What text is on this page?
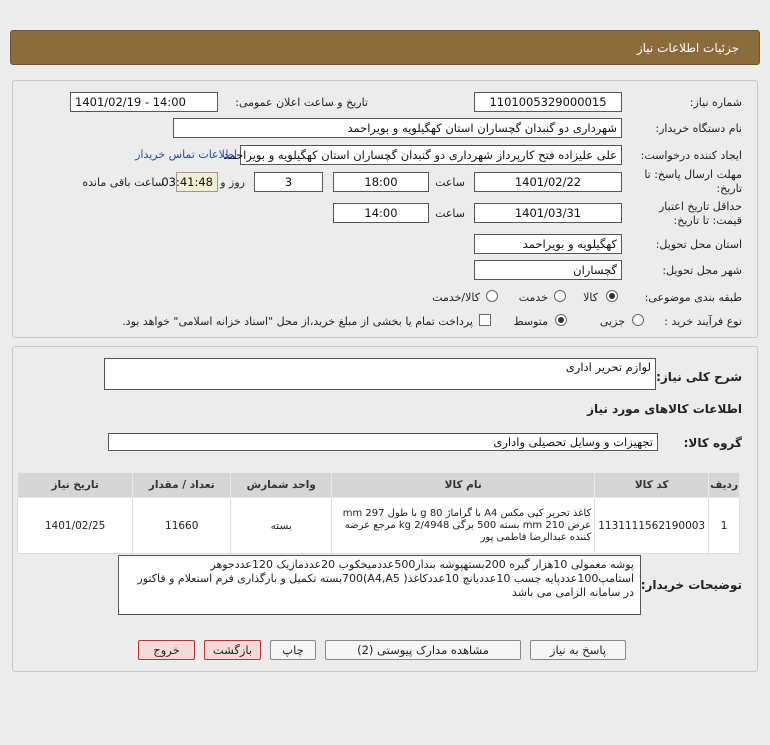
جزئیات اطلاعات نیاز
شماره نیاز:
1101005329000015
تاریخ و ساعت اعلان عمومی:
1401/02/19 - 14:00
نام دستگاه خریدار:
شهرداری دو گنبدان گچساران استان کهگیلویه و بویراحمد
ایجاد کننده درخواست:
علی علیزاده فتح کارپرداز شهرداری دو گنبدان گچساران استان کهگیلویه و بویراحمد
اطلاعات تماس خریدار
مهلت ارسال پاسخ: تا
تاریخ:
1401/02/22
ساعت
18:00
3
روز و
03:41:48
ساعت باقی مانده
حداقل تاریخ اعتبار
قیمت: تا تاریخ:
1401/03/31
ساعت
14:00
استان محل تحویل:
کهگیلویه و بویراحمد
شهر محل تحویل:
گچساران
طبقه بندی موضوعی:
کالا
خدمت
کالا/خدمت
نوع فرآیند خرید :
جزیی
متوسط
پرداخت تمام یا بخشی از مبلغ خرید،از محل "اسناد خزانه اسلامی" خواهد بود.
شرح کلی نیاز:
لوازم تحریر اداری
اطلاعات کالاهای مورد نیاز
گروه کالا:
تجهیزات و وسایل تحصیلی واداری
ردیف	کد کالا	نام کالا	واحد شمارش	تعداد / مقدار	تاریخ نیاز
1	1131111562190003	کاغذ تحریر کپی مکس A4 با گراماژ 80 g با طول 297 mm عرض 210 mm بسته 500 برگی 2/4948 kg مرجع عرضه کننده عبدالرضا فاطمی پور	بسته	11660	1401/02/25
توضیحات خریدار:
پوشه معمولی 10هزار گیره 200بستهپوشه بندار500عددمیخکوب 20عددمازیک 120عددجوهر استامپ100عددپایه چسب 10عددیانچ 10عددکاغذ( A4,A5)700بسته تکمیل و بارگذاری فرم استعلام و فاکتور در سامانه الزامی می باشد
پاسخ به نیاز
مشاهده مدارک پیوستی (2)
چاپ
بازگشت
خروج
